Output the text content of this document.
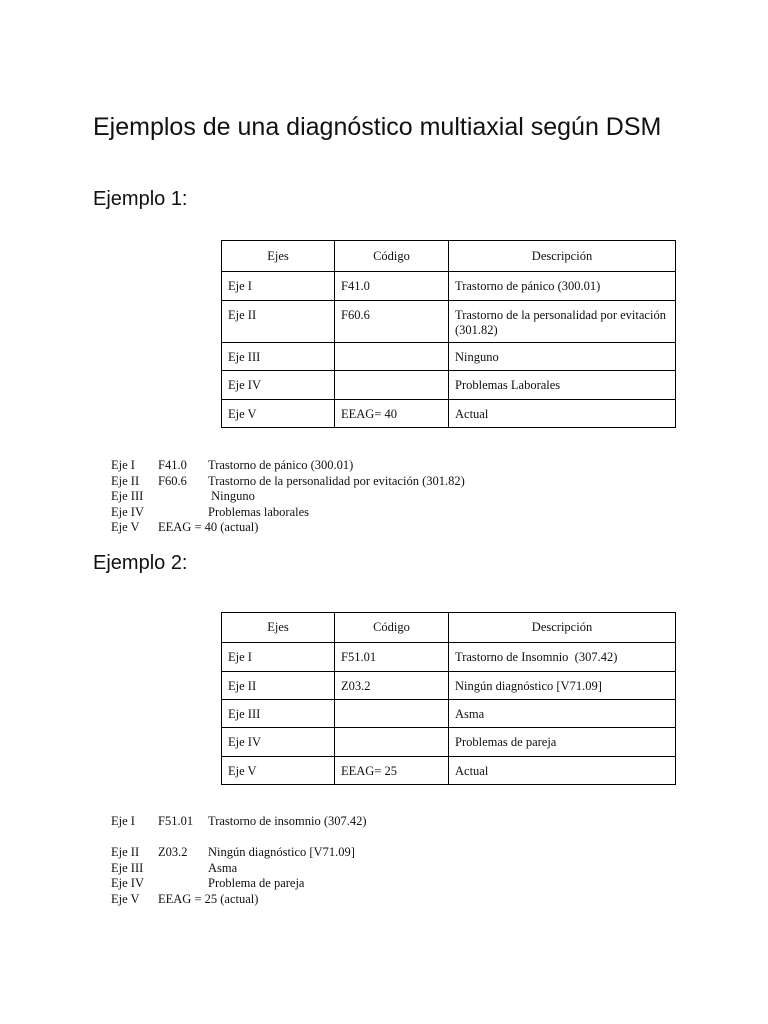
Ejemplos de una diagnóstico multiaxial según DSM
Ejemplo 1:
Ejes	Código	Descripción
Eje I	F41.0	Trastorno de pánico (300.01)
Eje II	F60.6	Trastorno de la personalidad por evitación (301.82)
Eje III		Ninguno
Eje IV		Problemas Laborales
Eje V	EEAG= 40	Actual
Eje I F41.0 Trastorno de pánico (300.01)
Eje II F60.6 Trastorno de la personalidad por evitación (301.82)
Eje III	Ninguno
Eje IV	Problemas laborales
Eje V EEAG = 40 (actual)
Ejemplo 2:
Ejes	Código	Descripción
Eje I	F51.01	Trastorno de Insomnio  (307.42)
Eje II	Z03.2	Ningún diagnóstico [V71.09]
Eje III		Asma
Eje IV		Problemas de pareja
Eje V	EEAG= 25	Actual
Eje I F51.01 Trastorno de insomnio (307.42)
Eje II Z03.2 Ningún diagnóstico [V71.09]
Eje III	Asma
Eje IV	Problema de pareja
Eje V EEAG = 25 (actual)
